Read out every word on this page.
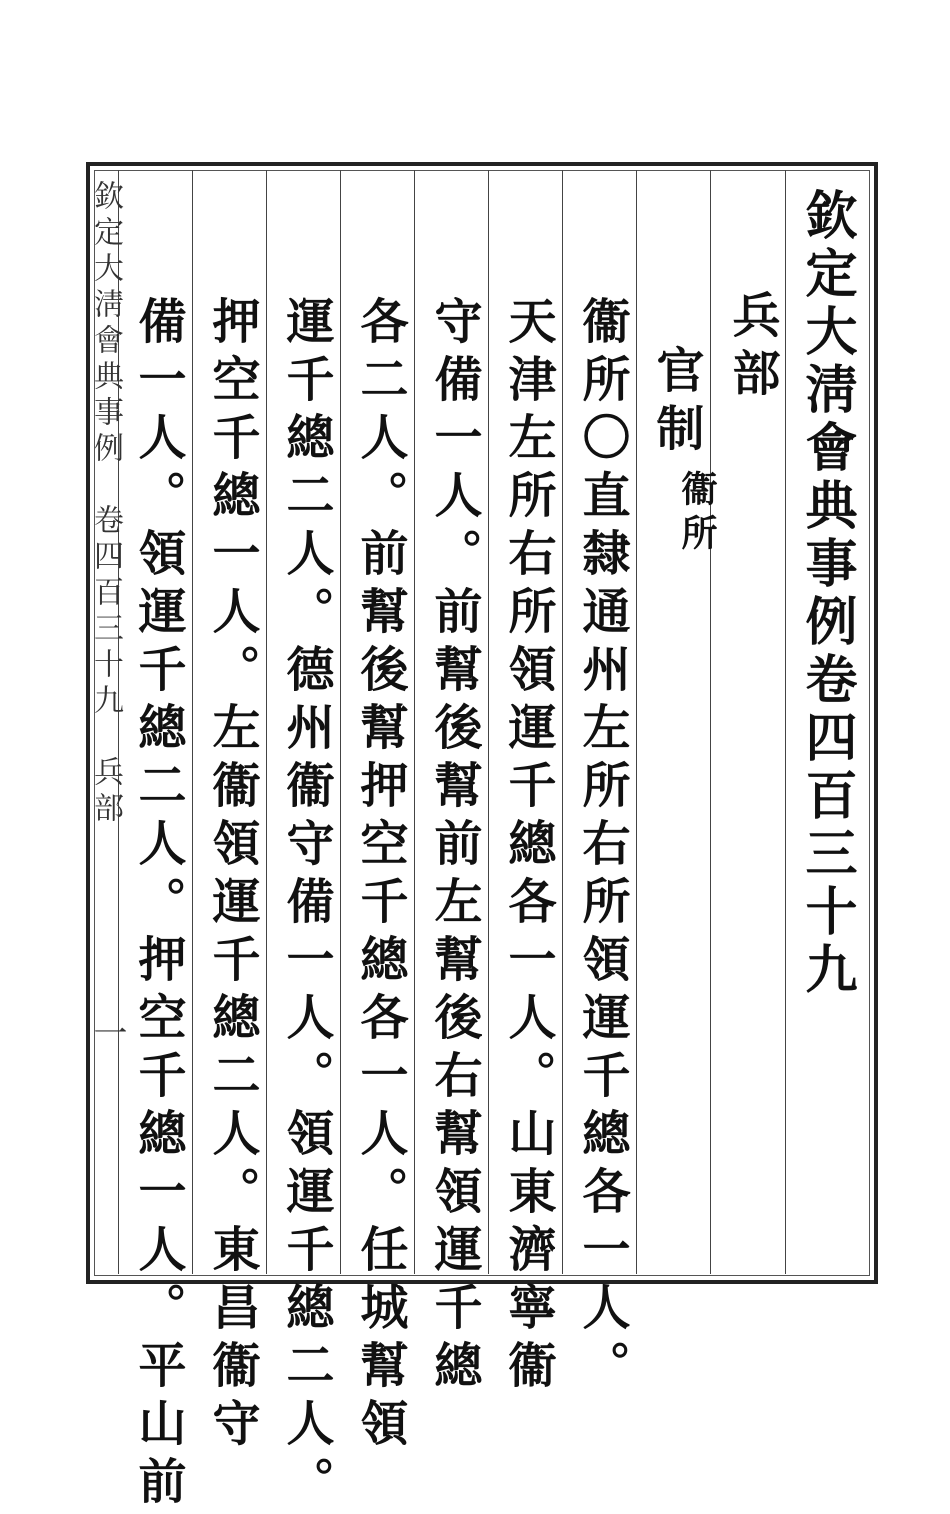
欽定大淸會典事例卷四百三十九
兵部
官制
衞所
衞所〇直隸通州左所右所領運千總各一人。
天津左所右所領運千總各一人。山東濟寧衞
守備一人。前幫後幫前左幫後右幫領運千總
各二人。前幫後幫押空千總各一人。任城幫領
運千總二人。德州衞守備一人。領運千總二人。
押空千總一人。左衞領運千總二人。東昌衞守
備一人。領運千總二人。押空千總一人。平山前
欽定大淸會典事例　卷四百三十九　兵部
一
